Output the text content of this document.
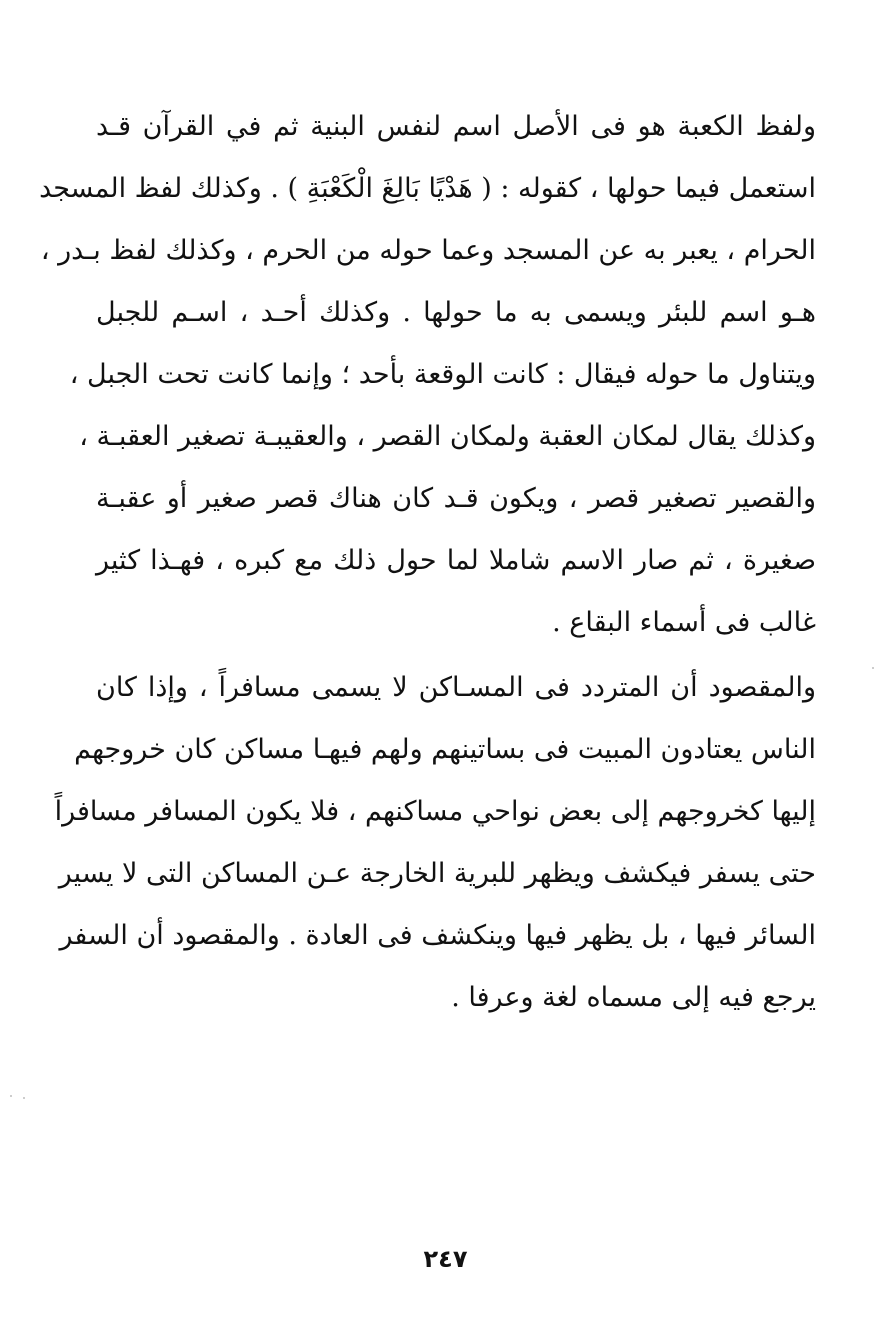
ولفظ الكعبة هو فى الأصل اسم لنفس البنية ثم في القرآن قـد
استعمل فيما حولها ، كقوله : ( هَدْيًا بَالِغَ الْكَعْبَةِ ) . وكذلك لفظ المسجد
الحرام ، يعبر به عن المسجد وعما حوله من الحرم ، وكذلك لفظ بـدر ،
هـو اسم للبئر ويسمى به ما حولها . وكذلك أحـد ، اسـم للجبل
ويتناول ما حوله فيقال : كانت الوقعة بأحد ؛ وإنما كانت تحت الجبل ،
وكذلك يقال لمكان العقبة ولمكان القصر ، والعقيبـة تصغير العقبـة ،
والقصير تصغير قصر ، ويكون قـد كان هناك قصر صغير أو عقبـة
صغيرة ، ثم صار الاسم شاملا لما حول ذلك مع كبره ، فهـذا كثير
غالب فى أسماء البقاع .
والمقصود أن المتردد فى المسـاكن لا يسمى مسافراً ، وإذا كان
الناس يعتادون المبيت فى بساتينهم ولهم فيهـا مساكن كان خروجهم
إليها كخروجهم إلى بعض نواحي مساكنهم ، فلا يكون المسافر مسافراً
حتى يسفر فيكشف ويظهر للبرية الخارجة عـن المساكن التى لا يسير
السائر فيها ، بل يظهر فيها وينكشف فى العادة . والمقصود أن السفر
يرجع فيه إلى مسماه لغة وعرفا .
٢٤٧
